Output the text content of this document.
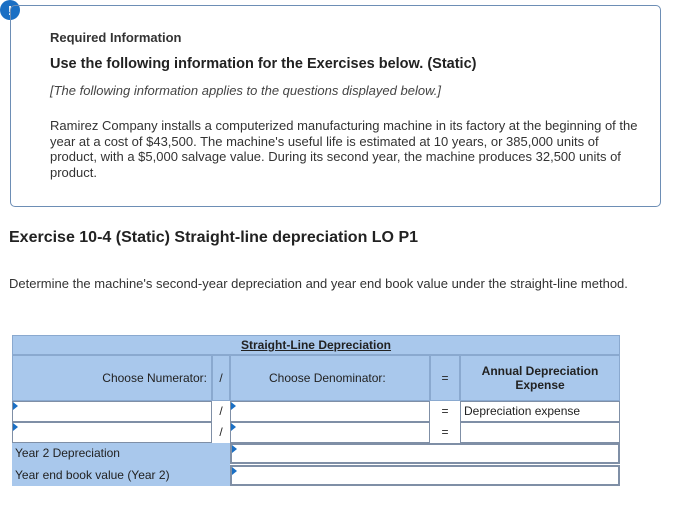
!
Required Information
Use the following information for the Exercises below. (Static)
[The following information applies to the questions displayed below.]
Ramirez Company installs a computerized manufacturing machine in its factory at the beginning of the year at a cost of $43,500. The machine's useful life is estimated at 10 years, or 385,000 units of product, with a $5,000 salvage value. During its second year, the machine produces 32,500 units of product.
Exercise 10-4 (Static) Straight-line depreciation LO P1
Determine the machine's second-year depreciation and year end book value under the straight-line method.
Straight-Line Depreciation
Choose Numerator:	/	Choose Denominator:	=	Annual Depreciation Expense
/	=	Depreciation expense
/	=
Year 2 Depreciation
Year end book value (Year 2)
